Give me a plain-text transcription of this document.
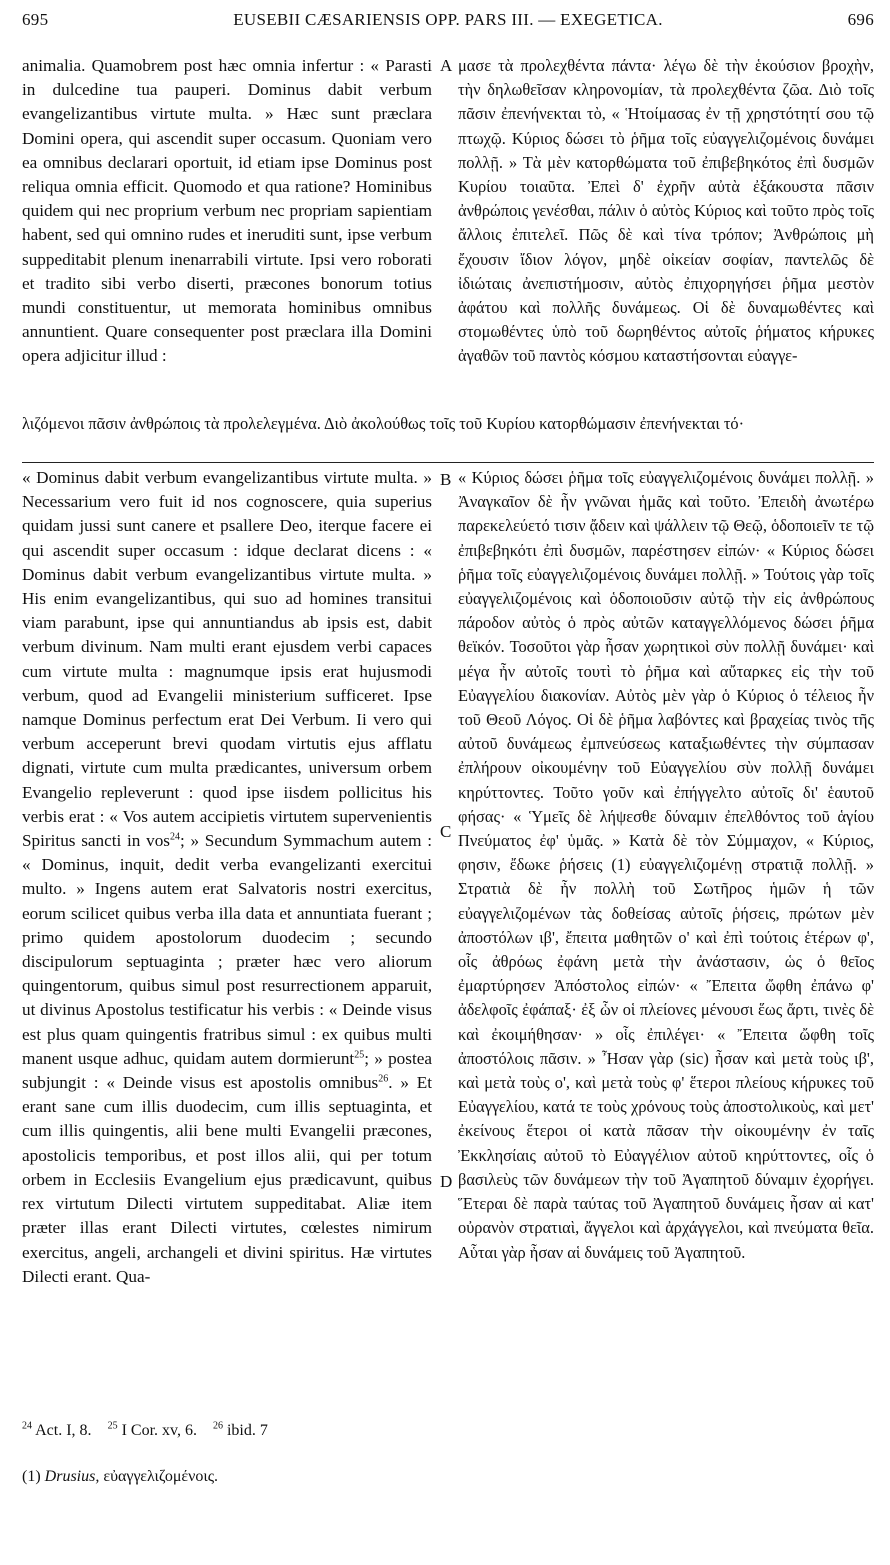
695	EUSEBII CÆSARIENSIS OPP. PARS III. — EXEGETICA.	696
A
B
C
D

animalia. Quamobrem post hæc omnia infertur : « Parasti in dulcedine tua pauperi. Dominus dabit verbum evangelizantibus virtute multa. » Hæc sunt præclara Domini opera, qui ascendit super occasum. Quoniam vero ea omnibus declarari oportuit, id etiam ipse Dominus post reliqua omnia efficit. Quomodo et qua ratione? Hominibus quidem qui nec proprium verbum nec propriam sapientiam habent, sed qui omnino rudes et ineruditi sunt, ipse verbum suppeditabit plenum inenarrabili virtute. Ipsi vero roborati et tradito sibi verbo diserti, præcones bonorum totius mundi constituentur, ut memorata hominibus omnibus annuntient. Quare consequenter post præclara illa Domini opera adjicitur illud :

μασε τὰ προλεχθέντα πάντα· λέγω δὲ τὴν ἑκούσιον βροχὴν, τὴν δηλωθεῖσαν κληρονομίαν, τὰ προλεχθέντα ζῶα. Διὸ τοῖς πᾶσιν ἐπενήνεκται τὸ, « Ἡτοίμασας ἐν τῇ χρηστότητί σου τῷ πτωχῷ. Κύριος δώσει τὸ ῥῆμα τοῖς εὐαγγελιζομένοις δυνάμει πολλῇ. » Τὰ μὲν κατορθώματα τοῦ ἐπιβεβηκότος ἐπὶ δυσμῶν Κυρίου τοιαῦτα. Ἐπεὶ δ' ἐχρῆν αὐτὰ ἐξάκουστα πᾶσιν ἀνθρώποις γενέσθαι, πάλιν ὁ αὐτὸς Κύριος καὶ τοῦτο πρὸς τοῖς ἄλλοις ἐπιτελεῖ. Πῶς δὲ καὶ τίνα τρόπον; Ἀνθρώποις μὴ ἔχουσιν ἴδιον λόγον, μηδὲ οἰκείαν σοφίαν, παντελῶς δὲ ἰδιώταις ἀνεπιστήμοσιν, αὐτὸς ἐπιχορηγήσει ῥῆμα μεστὸν ἀφάτου καὶ πολλῆς δυνάμεως. Οἱ δὲ δυναμωθέντες καὶ στομωθέντες ὑπὸ τοῦ δωρηθέντος αὐτοῖς ῥήματος κήρυκες ἀγαθῶν τοῦ παντὸς κόσμου καταστήσονται εὐαγγε-

λιζόμενοι πᾶσιν ἀνθρώποις τὰ προλελεγμένα. Διὸ ἀκολούθως τοῖς τοῦ Κυρίου κατορθώμασιν ἐπενήνεκται τό·

« Dominus dabit verbum evangelizantibus virtute multa. » Necessarium vero fuit id nos cognoscere, quia superius quidam jussi sunt canere et psallere Deo, iterque facere ei qui ascendit super occasum : idque declarat dicens : « Dominus dabit verbum evangelizantibus virtute multa. » His enim evangelizantibus, qui suo ad homines transitui viam parabunt, ipse qui annuntiandus ab ipsis est, dabit verbum divinum. Nam multi erant ejusdem verbi capaces cum virtute multa : magnumque ipsis erat hujusmodi verbum, quod ad Evangelii ministerium sufficeret. Ipse namque Dominus perfectum erat Dei Verbum. Ii vero qui verbum acceperunt brevi quodam virtutis ejus afflatu dignati, virtute cum multa prædicantes, universum orbem Evangelio repleverunt : quod ipse iisdem pollicitus his verbis erat : « Vos autem accipietis virtutem supervenientis Spiritus sancti in vos$^{24}$; » Secundum Symmachum autem : « Dominus, inquit, dedit verba evangelizanti exercitui multo. » Ingens autem erat Salvatoris nostri exercitus, eorum scilicet quibus verba illa data et annuntiata fuerant ; primo quidem apostolorum duodecim ; secundo discipulorum septuaginta ; præter hæc vero aliorum quingentorum, quibus simul post resurrectionem apparuit, ut divinus Apostolus testificatur his verbis : « Deinde visus est plus quam quingentis fratribus simul : ex quibus multi manent usque adhuc, quidam autem dormierunt$^{25}$; » postea subjungit : « Deinde visus est apostolis omnibus$^{26}$. » Et erant sane cum illis duodecim, cum illis septuaginta, et cum illis quingentis, alii bene multi Evangelii præcones, apostolicis temporibus, et post illos alii, qui per totum orbem in Ecclesiis Evangelium ejus prædicavunt, quibus rex virtutum Dilecti virtutem suppeditabat. Aliæ item præter illas erant Dilecti virtutes, cœlestes nimirum exercitus, angeli, archangeli et divini spiritus. Hæ virtutes Dilecti erant. Qua-

« Κύριος δώσει ῥῆμα τοῖς εὐαγγελιζομένοις δυνάμει πολλῇ. » Ἀναγκαῖον δὲ ἦν γνῶναι ἡμᾶς καὶ τοῦτο. Ἐπειδὴ ἀνωτέρω παρεκελεύετό τισιν ᾄδειν καὶ ψάλλειν τῷ Θεῷ, ὁδοποιεῖν τε τῷ ἐπιβεβηκότι ἐπὶ δυσμῶν, παρέστησεν εἰπών· « Κύριος δώσει ῥῆμα τοῖς εὐαγγελιζομένοις δυνάμει πολλῇ. » Τούτοις γὰρ τοῖς εὐαγγελιζομένοις καὶ ὁδοποιοῦσιν αὐτῷ τὴν εἰς ἀνθρώπους πάροδον αὐτὸς ὁ πρὸς αὐτῶν καταγγελλόμενος δώσει ῥῆμα θεϊκόν. Τοσοῦτοι γὰρ ἦσαν χωρητικοὶ σὺν πολλῇ δυνάμει· καὶ μέγα ἦν αὐτοῖς τουτὶ τὸ ῥῆμα καὶ αὔταρκες εἰς τὴν τοῦ Εὐαγγελίου διακονίαν. Αὐτὸς μὲν γὰρ ὁ Κύριος ὁ τέλειος ἦν τοῦ Θεοῦ Λόγος. Οἱ δὲ ῥῆμα λαβόντες καὶ βραχείας τινὸς τῆς αὐτοῦ δυνάμεως ἐμπνεύσεως καταξιωθέντες τὴν σύμπασαν ἐπλήρουν οἰκουμένην τοῦ Εὐαγγελίου σὺν πολλῇ δυνάμει κηρύττοντες. Τοῦτο γοῦν καὶ ἐπήγγελτο αὐτοῖς δι' ἑαυτοῦ φήσας· « Ὑμεῖς δὲ λήψεσθε δύναμιν ἐπελθόντος τοῦ ἁγίου Πνεύματος ἐφ' ὑμᾶς. » Κατὰ δὲ τὸν Σύμμαχον, « Κύριος, φησιν, ἔδωκε ῥήσεις (1) εὐαγγελιζομένῃ στρατιᾷ πολλῇ. » Στρατιὰ δὲ ἦν πολλὴ τοῦ Σωτῆρος ἡμῶν ἡ τῶν εὐαγγελιζομένων τὰς δοθείσας αὐτοῖς ῥήσεις, πρώτων μὲν ἀποστόλων ιβ', ἔπειτα μαθητῶν ο' καὶ ἐπὶ τούτοις ἑτέρων φ', οἷς ἀθρόως ἐφάνη μετὰ τὴν ἀνάστασιν, ὡς ὁ θεῖος ἐμαρτύρησεν Ἀπόστολος εἰπών· « Ἔπειτα ὤφθη ἐπάνω φ' ἀδελφοῖς ἐφάπαξ· ἐξ ὧν οἱ πλείονες μένουσι ἕως ἄρτι, τινὲς δὲ καὶ ἐκοιμήθησαν· » οἷς ἐπιλέγει· « Ἔπειτα ὤφθη τοῖς ἀποστόλοις πᾶσιν. » Ἦσαν γὰρ (sic) ἦσαν καὶ μετὰ τοὺς ιβ', καὶ μετὰ τοὺς ο', καὶ μετὰ τοὺς φ' ἕτεροι πλείους κήρυκες τοῦ Εὐαγγελίου, κατά τε τοὺς χρόνους τοὺς ἀποστολικοὺς, καὶ μετ' ἐκείνους ἕτεροι οἱ κατὰ πᾶσαν τὴν οἰκουμένην ἐν ταῖς Ἐκκλησίαις αὐτοῦ τὸ Εὐαγγέλιον αὐτοῦ κηρύττοντες, οἷς ὁ βασιλεὺς τῶν δυνάμεων τὴν τοῦ Ἀγαπητοῦ δύναμιν ἐχορήγει. Ἕτεραι δὲ παρὰ ταύτας τοῦ Ἀγαπητοῦ δυνάμεις ἦσαν αἱ κατ' οὐρανὸν στρατιαὶ, ἄγγελοι καὶ ἀρχάγγελοι, καὶ πνεύματα θεῖα. Αὗται γὰρ ἦσαν αἱ δυνάμεις τοῦ Ἀγαπητοῦ.

$^{24}$ Act. I, 8. $^{25}$ I Cor. xv, 6. $^{26}$ ibid. 7
(1) Drusius, εὐαγγελιζομένοις.
